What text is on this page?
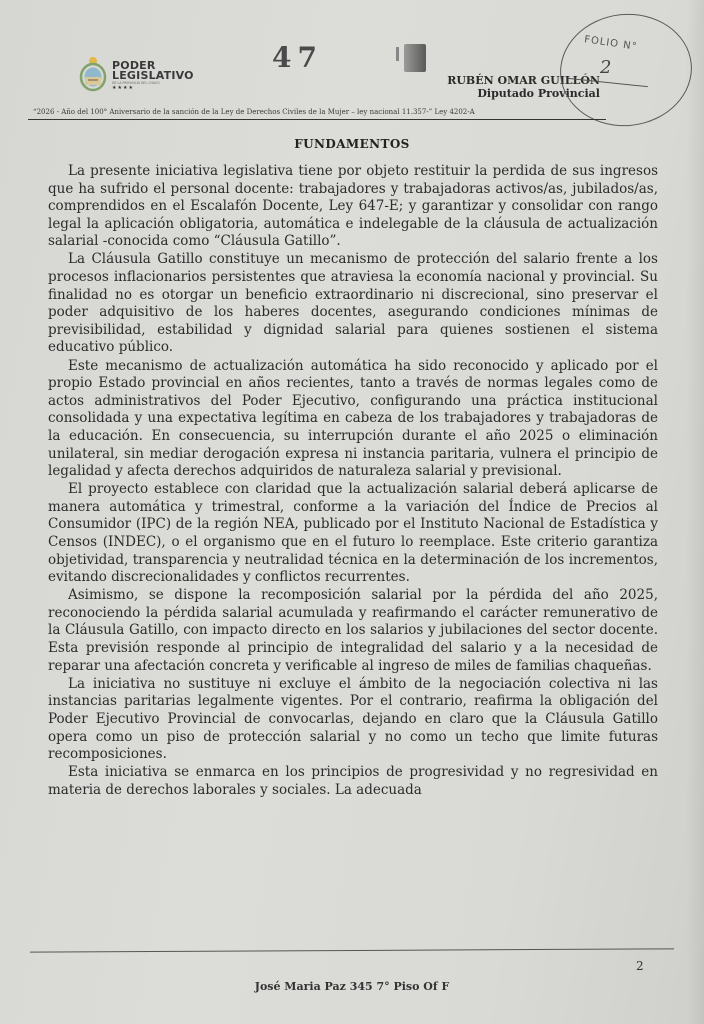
PODER
LEGISLATIVO
DE LA PROVINCIA DEL CHACO
★★★★
47
RUBÉN OMAR GUILLÓN
Diputado Provincial
FOLIO N°
2
“2026 - Año del 100° Aniversario de la sanción de la Ley de Derechos Civiles de la Mujer – ley nacional 11.357-” Ley 4202-A
FUNDAMENTOS

La presente iniciativa legislativa tiene por objeto restituir la perdida de sus ingresos que ha sufrido el personal docente: trabajadores y trabajadoras activos/as, jubilados/as, comprendidos en el Escalafón Docente, Ley 647-E; y garantizar y consolidar con rango legal la aplicación obligatoria, automática e indelegable de la cláusula de actualización salarial -conocida como “Cláusula Gatillo”.

La Cláusula Gatillo constituye un mecanismo de protección del salario frente a los procesos inflacionarios persistentes que atraviesa la economía nacional y provincial. Su finalidad no es otorgar un beneficio extraordinario ni discrecional, sino preservar el poder adquisitivo de los haberes docentes, asegurando condiciones mínimas de previsibilidad, estabilidad y dignidad salarial para quienes sostienen el sistema educativo público.

Este mecanismo de actualización automática ha sido reconocido y aplicado por el propio Estado provincial en años recientes, tanto a través de normas legales como de actos administrativos del Poder Ejecutivo, configurando una práctica institucional consolidada y una expectativa legítima en cabeza de los trabajadores y trabajadoras de la educación. En consecuencia, su interrupción durante el año 2025 o eliminación unilateral, sin mediar derogación expresa ni instancia paritaria, vulnera el principio de legalidad y afecta derechos adquiridos de naturaleza salarial y previsional.

El proyecto establece con claridad que la actualización salarial deberá aplicarse de manera automática y trimestral, conforme a la variación del Índice de Precios al Consumidor (IPC) de la región NEA, publicado por el Instituto Nacional de Estadística y Censos (INDEC), o el organismo que en el futuro lo reemplace. Este criterio garantiza objetividad, transparencia y neutralidad técnica en la determinación de los incrementos, evitando discrecionalidades y conflictos recurrentes.

Asimismo, se dispone la recomposición salarial por la pérdida del año 2025, reconociendo la pérdida salarial acumulada y reafirmando el carácter remunerativo de la Cláusula Gatillo, con impacto directo en los salarios y jubilaciones del sector docente. Esta previsión responde al principio de integralidad del salario y a la necesidad de reparar una afectación concreta y verificable al ingreso de miles de familias chaqueñas.

La iniciativa no sustituye ni excluye el ámbito de la negociación colectiva ni las instancias paritarias legalmente vigentes. Por el contrario, reafirma la obligación del Poder Ejecutivo Provincial de convocarlas, dejando en claro que la Cláusula Gatillo opera como un piso de protección salarial y no como un techo que limite futuras recomposiciones.

Esta iniciativa se enmarca en los principios de progresividad y no regresividad en materia de derechos laborales y sociales. La adecuada

2
José Maria Paz 345 7° Piso Of F
